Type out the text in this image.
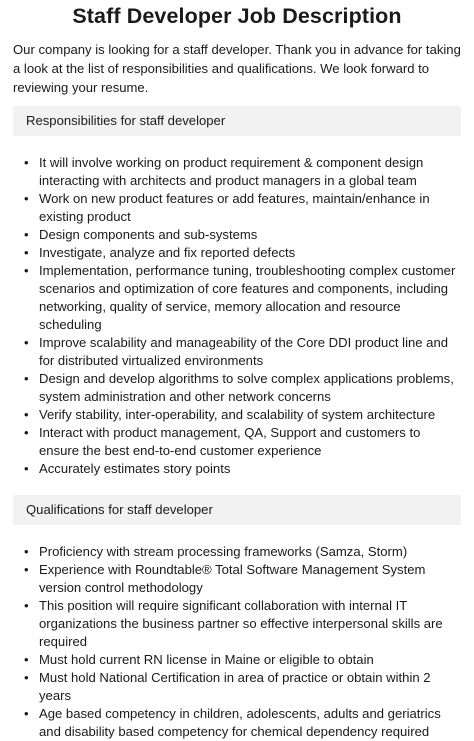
Staff Developer Job Description

Our company is looking for a staff developer. Thank you in advance for taking a look at the list of responsibilities and qualifications. We look forward to reviewing your resume.

Responsibilities for staff developer
• It will involve working on product requirement & component design interacting with architects and product managers in a global team
• Work on new product features or add features, maintain/enhance in existing product
• Design components and sub-systems
• Investigate, analyze and fix reported defects
• Implementation, performance tuning, troubleshooting complex customer scenarios and optimization of core features and components, including networking, quality of service, memory allocation and resource scheduling
• Improve scalability and manageability of the Core DDI product line and for distributed virtualized environments
• Design and develop algorithms to solve complex applications problems, system administration and other network concerns
• Verify stability, inter-operability, and scalability of system architecture
• Interact with product management, QA, Support and customers to ensure the best end-to-end customer experience
• Accurately estimates story points
Qualifications for staff developer
• Proficiency with stream processing frameworks (Samza, Storm)
• Experience with Roundtable® Total Software Management System version control methodology
• This position will require significant collaboration with internal IT organizations the business partner so effective interpersonal skills are required
• Must hold current RN license in Maine or eligible to obtain
• Must hold National Certification in area of practice or obtain within 2 years
• Age based competency in children, adolescents, adults and geriatrics and disability based competency for chemical dependency required
